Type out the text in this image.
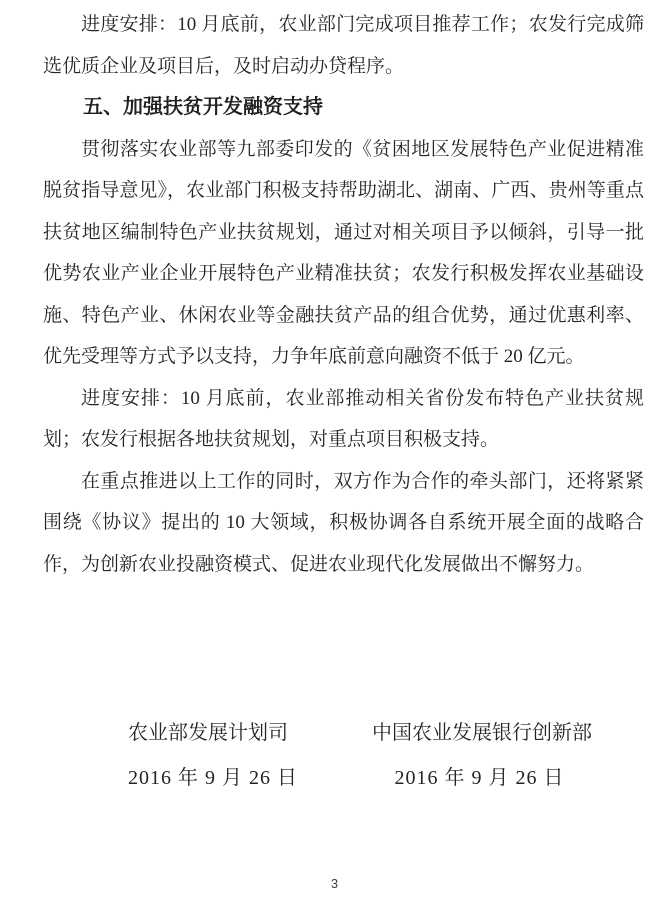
进度安排：10 月底前，农业部门完成项目推荐工作；农发行完成筛选优质企业及项目后，及时启动办贷程序。

五、加强扶贫开发融资支持

贯彻落实农业部等九部委印发的《贫困地区发展特色产业促进精准脱贫指导意见》，农业部门积极支持帮助湖北、湖南、广西、贵州等重点扶贫地区编制特色产业扶贫规划，通过对相关项目予以倾斜，引导一批优势农业产业企业开展特色产业精准扶贫；农发行积极发挥农业基础设施、特色产业、休闲农业等金融扶贫产品的组合优势，通过优惠利率、优先受理等方式予以支持，力争年底前意向融资不低于 20 亿元。

进度安排：10 月底前，农业部推动相关省份发布特色产业扶贫规划；农发行根据各地扶贫规划，对重点项目积极支持。

在重点推进以上工作的同时，双方作为合作的牵头部门，还将紧紧围绕《协议》提出的 10 大领域，积极协调各自系统开展全面的战略合作，为创新农业投融资模式、促进农业现代化发展做出不懈努力。

农业部发展计划司
2016 年 9 月 26 日
中国农业发展银行创新部
2016 年 9 月 26 日
3
